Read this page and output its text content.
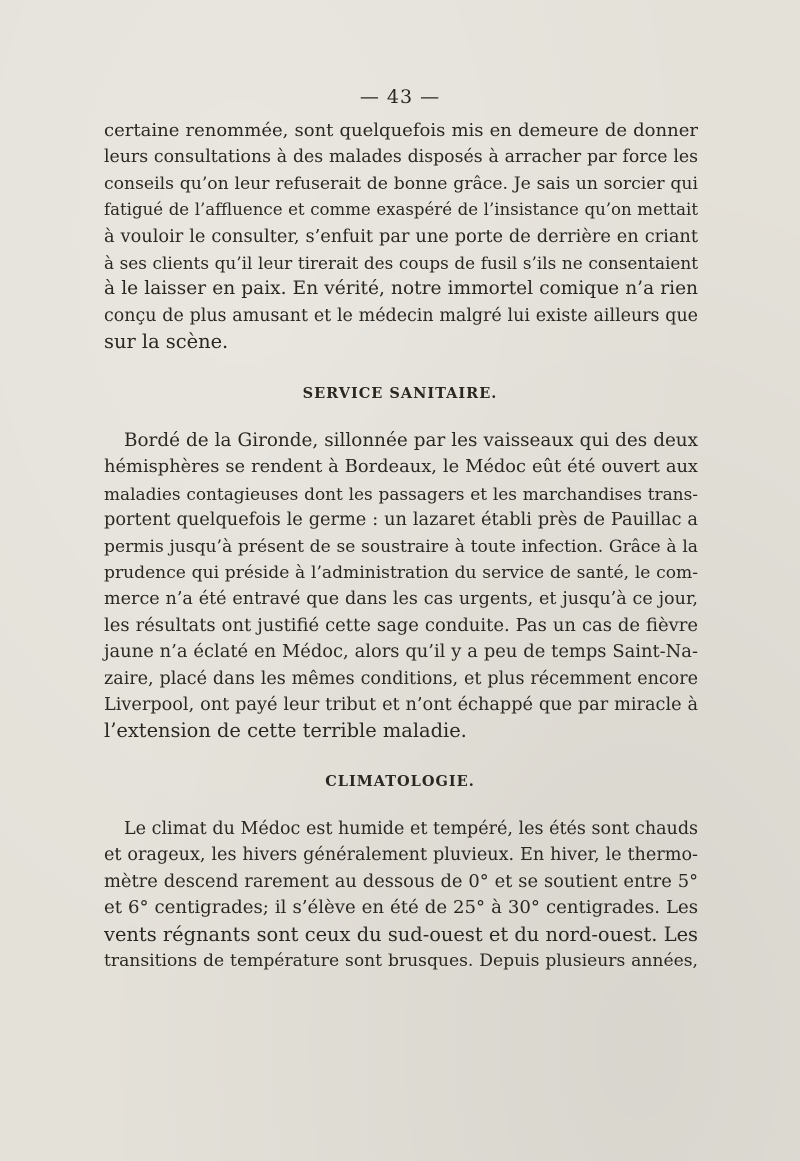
— 43 —
certaine renommée, sont quelquefois mis en demeure de donner
leurs consultations à des malades disposés à arracher par force les
conseils qu’on leur refuserait de bonne grâce. Je sais un sorcier qui
fatigué de l’affluence et comme exaspéré de l’insistance qu’on mettait
à vouloir le consulter, s’enfuit par une porte de derrière en criant
à ses clients qu’il leur tirerait des coups de fusil s’ils ne consentaient
à le laisser en paix. En vérité, notre immortel comique n’a rien
conçu de plus amusant et le médecin malgré lui existe ailleurs que
sur la scène.
SERVICE SANITAIRE.
Bordé de la Gironde, sillonnée par les vaisseaux qui des deux
hémisphères se rendent à Bordeaux, le Médoc eût été ouvert aux
maladies contagieuses dont les passagers et les marchandises trans-
portent quelquefois le germe : un lazaret établi près de Pauillac a
permis jusqu’à présent de se soustraire à toute infection. Grâce à la
prudence qui préside à l’administration du service de santé, le com-
merce n’a été entravé que dans les cas urgents, et jusqu’à ce jour,
les résultats ont justifié cette sage conduite. Pas un cas de fièvre
jaune n’a éclaté en Médoc, alors qu’il y a peu de temps Saint-Na-
zaire, placé dans les mêmes conditions, et plus récemment encore
Liverpool, ont payé leur tribut et n’ont échappé que par miracle à
l’extension de cette terrible maladie.
CLIMATOLOGIE.
Le climat du Médoc est humide et tempéré, les étés sont chauds
et orageux, les hivers généralement pluvieux. En hiver, le thermo-
mètre descend rarement au dessous de 0° et se soutient entre 5°
et 6° centigrades; il s’élève en été de 25° à 30° centigrades. Les
vents régnants sont ceux du sud-ouest et du nord-ouest. Les
transitions de température sont brusques. Depuis plusieurs années,
